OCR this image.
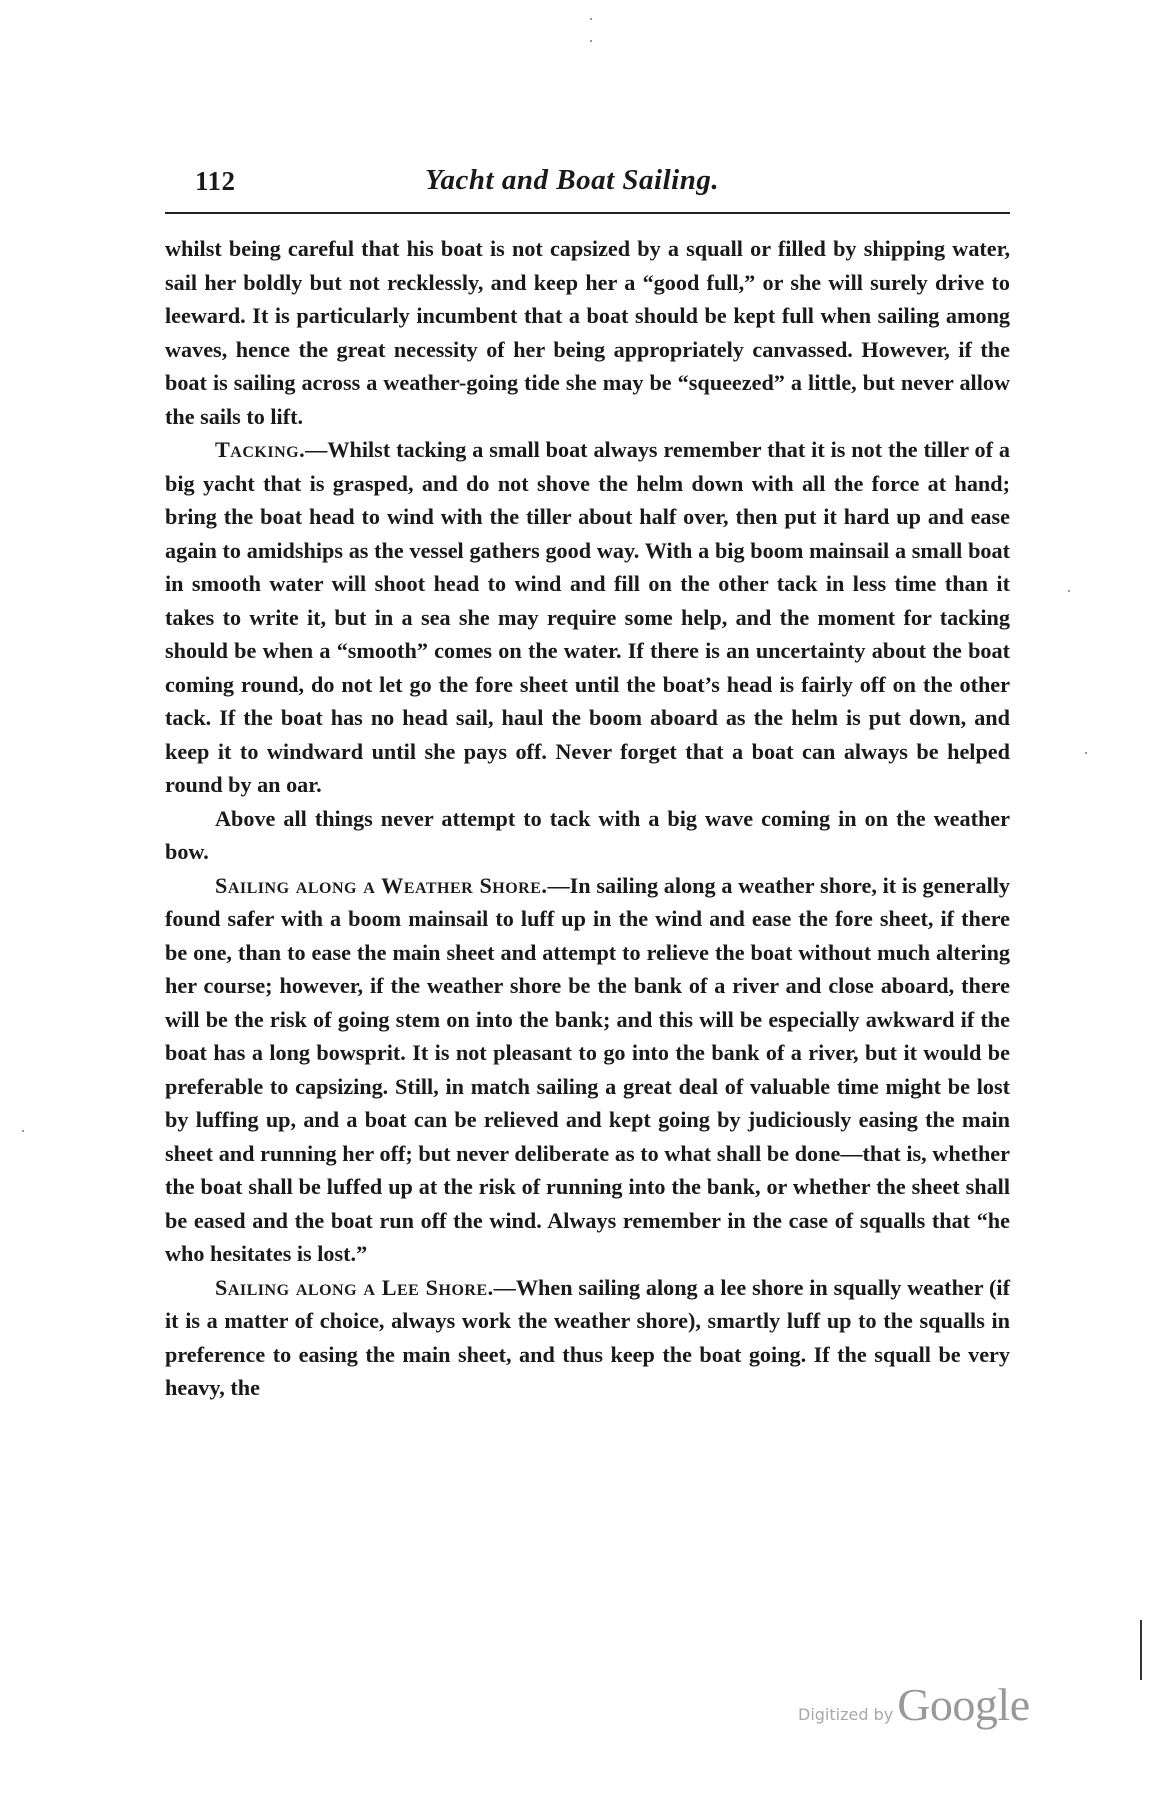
112	Yacht and Boat Sailing.

whilst being careful that his boat is not capsized by a squall or filled by shipping water, sail her boldly but not recklessly, and keep her a “good full,” or she will surely drive to leeward. It is particularly incumbent that a boat should be kept full when sailing among waves, hence the great necessity of her being appropriately canvassed. However, if the boat is sailing across a weather-going tide she may be “squeezed” a little, but never allow the sails to lift.

Tacking.—Whilst tacking a small boat always remember that it is not the tiller of a big yacht that is grasped, and do not shove the helm down with all the force at hand; bring the boat head to wind with the tiller about half over, then put it hard up and ease again to amidships as the vessel gathers good way. With a big boom mainsail a small boat in smooth water will shoot head to wind and fill on the other tack in less time than it takes to write it, but in a sea she may require some help, and the moment for tacking should be when a “smooth” comes on the water. If there is an uncertainty about the boat coming round, do not let go the fore sheet until the boat’s head is fairly off on the other tack. If the boat has no head sail, haul the boom aboard as the helm is put down, and keep it to windward until she pays off. Never forget that a boat can always be helped round by an oar.

Above all things never attempt to tack with a big wave coming in on the weather bow.

Sailing along a Weather Shore.—In sailing along a weather shore, it is generally found safer with a boom mainsail to luff up in the wind and ease the fore sheet, if there be one, than to ease the main sheet and attempt to relieve the boat without much altering her course; however, if the weather shore be the bank of a river and close aboard, there will be the risk of going stem on into the bank; and this will be especially awkward if the boat has a long bowsprit. It is not pleasant to go into the bank of a river, but it would be preferable to capsizing. Still, in match sailing a great deal of valuable time might be lost by luffing up, and a boat can be relieved and kept going by judiciously easing the main sheet and running her off; but never deliberate as to what shall be done—that is, whether the boat shall be luffed up at the risk of running into the bank, or whether the sheet shall be eased and the boat run off the wind. Always remember in the case of squalls that “he who hesitates is lost.”

Sailing along a Lee Shore.—When sailing along a lee shore in squally weather (if it is a matter of choice, always work the weather shore), smartly luff up to the squalls in preference to easing the main sheet, and thus keep the boat going. If the squall be very heavy, the

Digitized byGoogle
